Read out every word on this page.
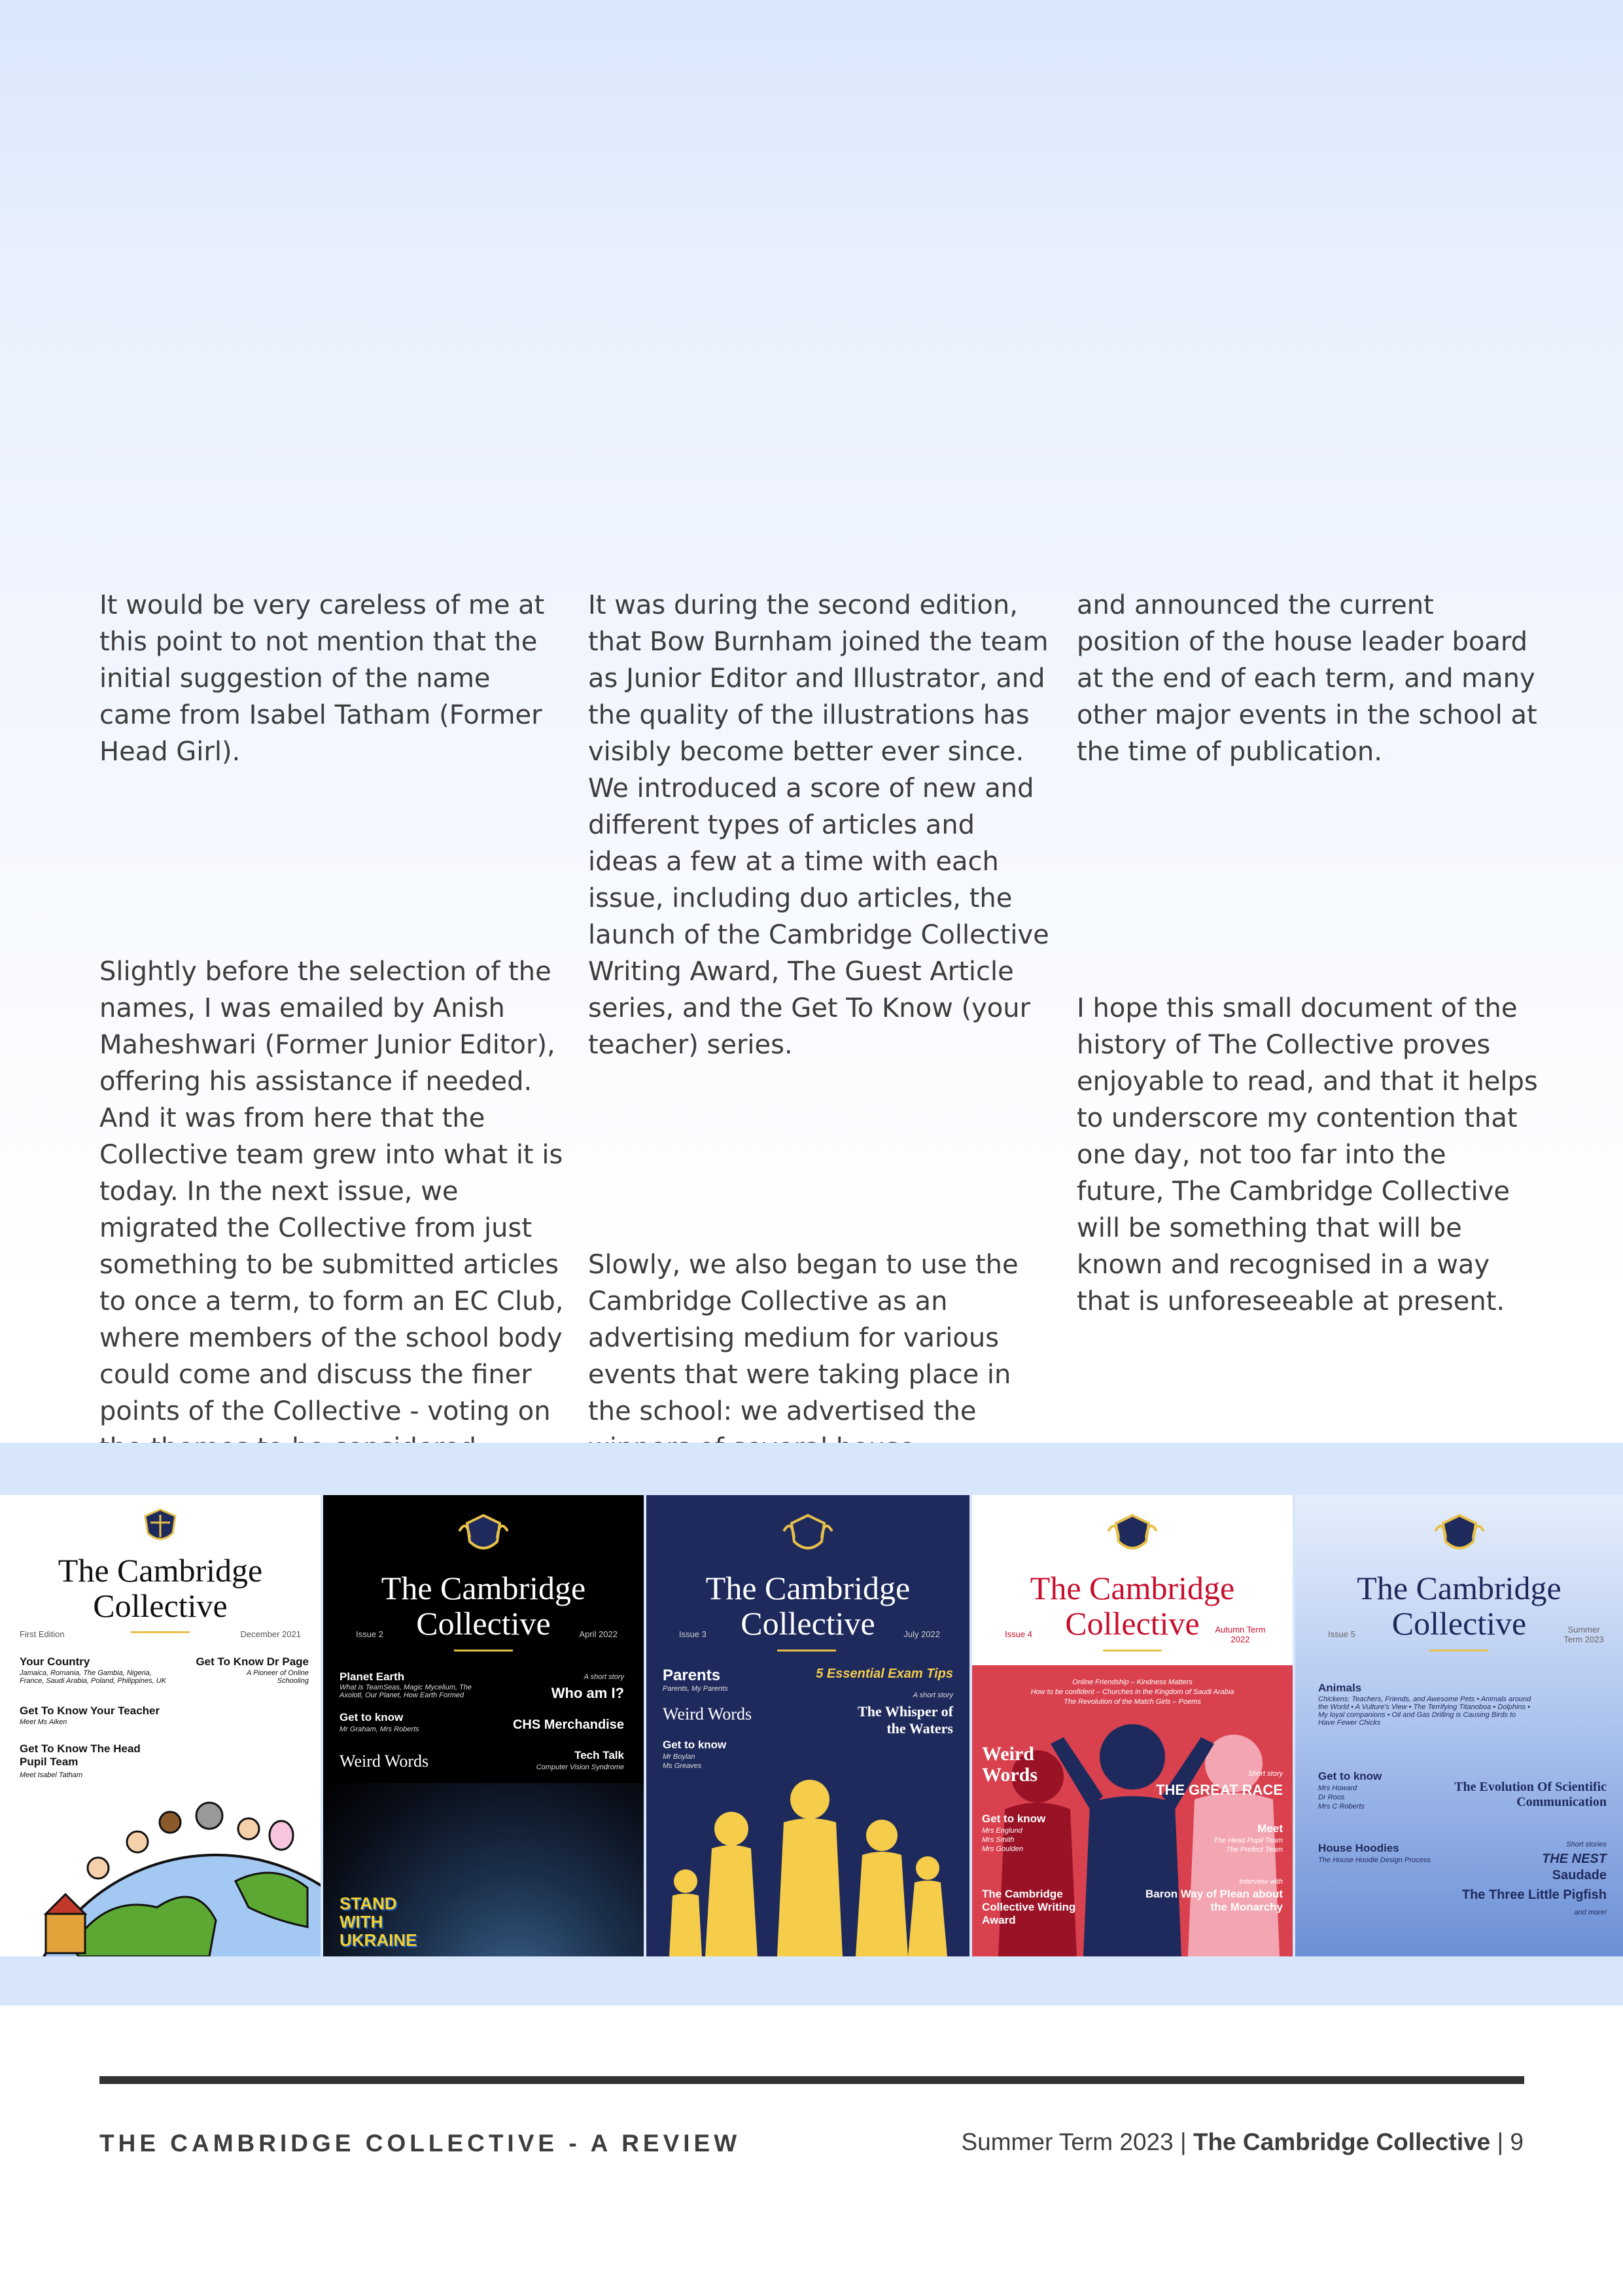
It would be very careless of me at this point to not mention that the initial suggestion of the name came from Isabel Tatham (Former Head Girl).

Slightly before the selection of the names, I was emailed by Anish Maheshwari (Former Junior Editor), offering his assistance if needed. And it was from here that the Collective team grew into what it is today. In the next issue, we migrated the Collective from just something to be submitted articles to once a term, to form an EC Club, where members of the school body could come and discuss the finer points of the Collective - voting on

It was during the second edition, that Bow Burnham joined the team as Junior Editor and Illustrator, and the quality of the illustrations has visibly become better ever since. We introduced a score of new and different types of articles and ideas a few at a time with each issue, including duo articles, the launch of the Cambridge Collective Writing Award, The Guest Article series, and the Get To Know (your teacher) series.

Slowly, we also began to use the Cambridge Collective as an advertising medium for various events that were taking place in the school: we advertised the

and announced the current position of the house leader board at the end of each term, and many other major events in the school at the time of publication.

I hope this small document of the history of The Collective proves enjoyable to read, and that it helps to underscore my contention that one day, not too far into the future, The Cambridge Collective will be something that will be known and recognised in a way that is unforeseeable at present.

The Cambridge
Collective
First Edition	December 2021
Your Country
Jamaica, Romania, The Gambia, Nigeria, France, Saudi Arabia, Poland, Philippines, UK
Get To Know Dr Page
A Pioneer of Online Schooling
Get To Know Your Teacher
Meet Ms Aiken
Get To Know The Head Pupil Team
Meet Isabel Tatham
The Cambridge
Collective
Issue 2	April 2022
Planet Earth
What is TeamSeas, Magic Mycelium, The Axolotl, Our Planet, How Earth Formed
A short story
Who am I?
Get to know
Mr Graham, Mrs Roberts	CHS Merchandise
Tech Talk
Computer Vision Syndrome
Weird Words
STAND WITH UKRAINE
The Cambridge
Collective
Issue 3	July 2022
Parents
Parents, My Parents
5 Essential Exam Tips
A short story
Weird Words	The Whisper of the Waters
Get to know
Mr Boylan
Ms Greaves
The Cambridge
Collective
Issue 4	Autumn Term 2022
Online Friendship – Kindness Matters
How to be confident – Churches in the Kingdom of Saudi Arabia
The Revolution of the Match Girls – Poems
Weird Words
Get to know
Mrs Englund
Mrs Smith
Mrs Goulden
Short story
THE GREAT RACE
Meet
The Head Pupil Team
The Prefect Team
The Cambridge Collective Writing Award
Interview with
Baron Way of Plean about the Monarchy
The Cambridge
Collective
Issue 5	Summer Term 2023
Animals
Chickens: Teachers, Friends, and Awesome Pets • Animals around the World • A Vulture's View • The Terrifying Titanoboa • Dolphins • My loyal companions • Oil and Gas Drilling is Causing Birds to Have Fewer Chicks
Get to know
Mrs Howard
Dr Roos
Mrs C Roberts
The Evolution Of Scientific Communication
House Hoodies
The House Hoodie Design Process
Short stories
THE NEST
Saudade
The Three Little Pigfish
and more!
THE CAMBRIDGE COLLECTIVE - A REVIEW	Summer Term 2023 | The Cambridge Collective | 9
